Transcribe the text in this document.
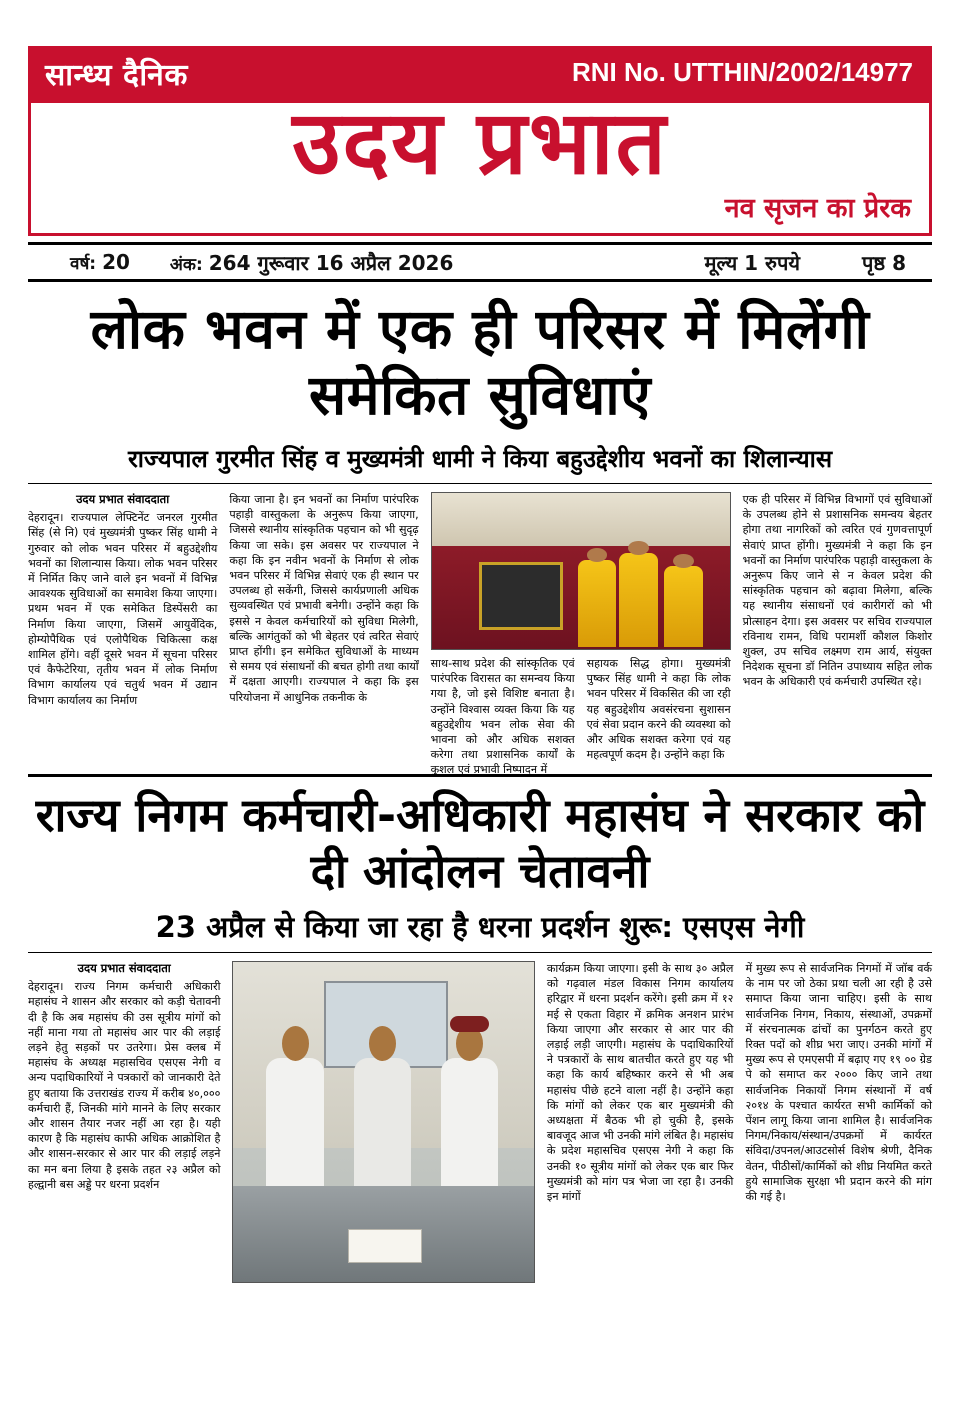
सान्ध्य दैनिक	RNI No. UTTHIN/2002/14977
उदय प्रभात
नव सृजन का प्रेरक
वर्ष: 20 अंक: 264 गुरूवार 16 अप्रैल 2026	मूल्य 1 रुपये	पृष्ठ 8
लोक भवन में एक ही परिसर में मिलेंगी समेकित सुविधाएं
राज्यपाल गुरमीत सिंह व मुख्यमंत्री धामी ने किया बहुउद्देशीय भवनों का शिलान्यास
उदय प्रभात संवाददाता
देहरादून। राज्यपाल लेफ्टिनेंट जनरल गुरमीत सिंह (से नि) एवं मुख्यमंत्री पुष्कर सिंह धामी ने गुरुवार को लोक भवन परिसर में बहुउद्देशीय भवनों का शिलान्यास किया। लोक भवन परिसर में निर्मित किए जाने वाले इन भवनों में विभिन्न आवश्यक सुविधाओं का समावेश किया जाएगा। प्रथम भवन में एक समेकित डिस्पेंसरी का निर्माण किया जाएगा, जिसमें आयुर्वेदिक, होम्योपैथिक एवं एलोपैथिक चिकित्सा कक्ष शामिल होंगे। वहीं दूसरे भवन में सूचना परिसर एवं कैफेटेरिया, तृतीय भवन में लोक निर्माण विभाग कार्यालय एवं चतुर्थ भवन में उद्यान विभाग कार्यालय का निर्माण
किया जाना है। इन भवनों का निर्माण पारंपरिक पहाड़ी वास्तुकला के अनुरूप किया जाएगा, जिससे स्थानीय सांस्कृतिक पहचान को भी सुदृढ़ किया जा सके। इस अवसर पर राज्यपाल ने कहा कि इन नवीन भवनों के निर्माण से लोक भवन परिसर में विभिन्न सेवाएं एक ही स्थान पर उपलब्ध हो सकेंगी, जिससे कार्यप्रणाली अधिक सुव्यवस्थित एवं प्रभावी बनेगी। उन्होंने कहा कि इससे न केवल कर्मचारियों को सुविधा मिलेगी, बल्कि आगंतुकों को भी बेहतर एवं त्वरित सेवाएं प्राप्त होंगी। इन समेकित सुविधाओं के माध्यम से समय एवं संसाधनों की बचत होगी तथा कार्यों में दक्षता आएगी। राज्यपाल ने कहा कि इस परियोजना में आधुनिक तकनीक के
साथ-साथ प्रदेश की सांस्कृतिक एवं पारंपरिक विरासत का समन्वय किया गया है, जो इसे विशिष्ट बनाता है। उन्होंने विश्वास व्यक्त किया कि यह बहुउद्देशीय भवन लोक सेवा की भावना को और अधिक सशक्त करेगा तथा प्रशासनिक कार्यों के कुशल एवं प्रभावी निष्पादन में
सहायक सिद्ध होगा। मुख्यमंत्री पुष्कर सिंह धामी ने कहा कि लोक भवन परिसर में विकसित की जा रही यह बहुउद्देशीय अवसंरचना सुशासन एवं सेवा प्रदान करने की व्यवस्था को और अधिक सशक्त करेगा एवं यह महत्वपूर्ण कदम है। उन्होंने कहा कि
एक ही परिसर में विभिन्न विभागों एवं सुविधाओं के उपलब्ध होने से प्रशासनिक समन्वय बेहतर होगा तथा नागरिकों को त्वरित एवं गुणवत्तापूर्ण सेवाएं प्राप्त होंगी। मुख्यमंत्री ने कहा कि इन भवनों का निर्माण पारंपरिक पहाड़ी वास्तुकला के अनुरूप किए जाने से न केवल प्रदेश की सांस्कृतिक पहचान को बढ़ावा मिलेगा, बल्कि यह स्थानीय संसाधनों एवं कारीगरों को भी प्रोत्साहन देगा। इस अवसर पर सचिव राज्यपाल रविनाथ रामन, विधि परामर्शी कौशल किशोर शुक्ल, उप सचिव लक्ष्मण राम आर्य, संयुक्त निदेशक सूचना डॉ नितिन उपाध्याय सहित लोक भवन के अधिकारी एवं कर्मचारी उपस्थित रहे।
राज्य निगम कर्मचारी-अधिकारी महासंघ ने सरकार को दी आंदोलन चेतावनी
23 अप्रैल से किया जा रहा है धरना प्रदर्शन शुरू: एसएस नेगी
उदय प्रभात संवाददाता
देहरादून। राज्य निगम कर्मचारी अधिकारी महासंघ ने शासन और सरकार को कड़ी चेतावनी दी है कि अब महासंघ की उस सूत्रीय मांगों को नहीं माना गया तो महासंघ आर पार की लड़ाई लड़ने हेतु सड़कों पर उतरेगा। प्रेस क्लब में महासंघ के अध्यक्ष महासचिव एसएस नेगी व अन्य पदाधिकारियों ने पत्रकारों को जानकारी देते हुए बताया कि उत्तराखंड राज्य में करीब ४०,००० कर्मचारी हैं, जिनकी मांगे मानने के लिए सरकार और शासन तैयार नजर नहीं आ रहा है। यही कारण है कि महासंघ काफी अधिक आक्रोशित है और शासन-सरकार से आर पार की लड़ाई लड़ने का मन बना लिया है इसके तहत २३ अप्रैल को हल्द्वानी बस अड्डे पर धरना प्रदर्शन
कार्यक्रम किया जाएगा। इसी के साथ ३० अप्रैल को गढ़वाल मंडल विकास निगम कार्यालय हरिद्वार में धरना प्रदर्शन करेंगे। इसी क्रम में १२ मई से एकता विहार में क्रमिक अनशन प्रारंभ किया जाएगा और सरकार से आर पार की लड़ाई लड़ी जाएगी। महासंघ के पदाधिकारियों ने पत्रकारों के साथ बातचीत करते हुए यह भी कहा कि कार्य बहिष्कार करने से भी अब महासंघ पीछे हटने वाला नहीं है। उन्होंने कहा कि मांगों को लेकर एक बार मुख्यमंत्री की अध्यक्षता में बैठक भी हो चुकी है, इसके बावजूद आज भी उनकी मांगे लंबित है। महासंघ के प्रदेश महासचिव एसएस नेगी ने कहा कि उनकी १० सूत्रीय मांगों को लेकर एक बार फिर मुख्यमंत्री को मांग पत्र भेजा जा रहा है। उनकी इन मांगों
में मुख्य रूप से सार्वजनिक निगमों में जॉब वर्क के नाम पर जो ठेका प्रथा चली आ रही है उसे समाप्त किया जाना चाहिए। इसी के साथ सार्वजनिक निगम, निकाय, संस्थाओं, उपक्रमों में संरचनात्मक ढांचों का पुनर्गठन करते हुए रिक्त पदों को शीघ्र भरा जाए। उनकी मांगों में मुख्य रूप से एमएसपी में बढ़ाए गए १९ ०० ग्रेड पे को समाप्त कर २००० किए जाने तथा सार्वजनिक निकायों निगम संस्थानों में वर्ष २०१४ के पश्चात कार्यरत सभी कार्मिकों को पेंशन लागू किया जाना शामिल है। सार्वजनिक निगम/निकाय/संस्थान/उपक्रमों में कार्यरत संविदा/उपनल/आउटसोर्स विशेष श्रेणी, दैनिक वेतन, पीठीसों/कार्मिकों को शीघ्र नियमित करते हुये सामाजिक सुरक्षा भी प्रदान करने की मांग की गई है।
